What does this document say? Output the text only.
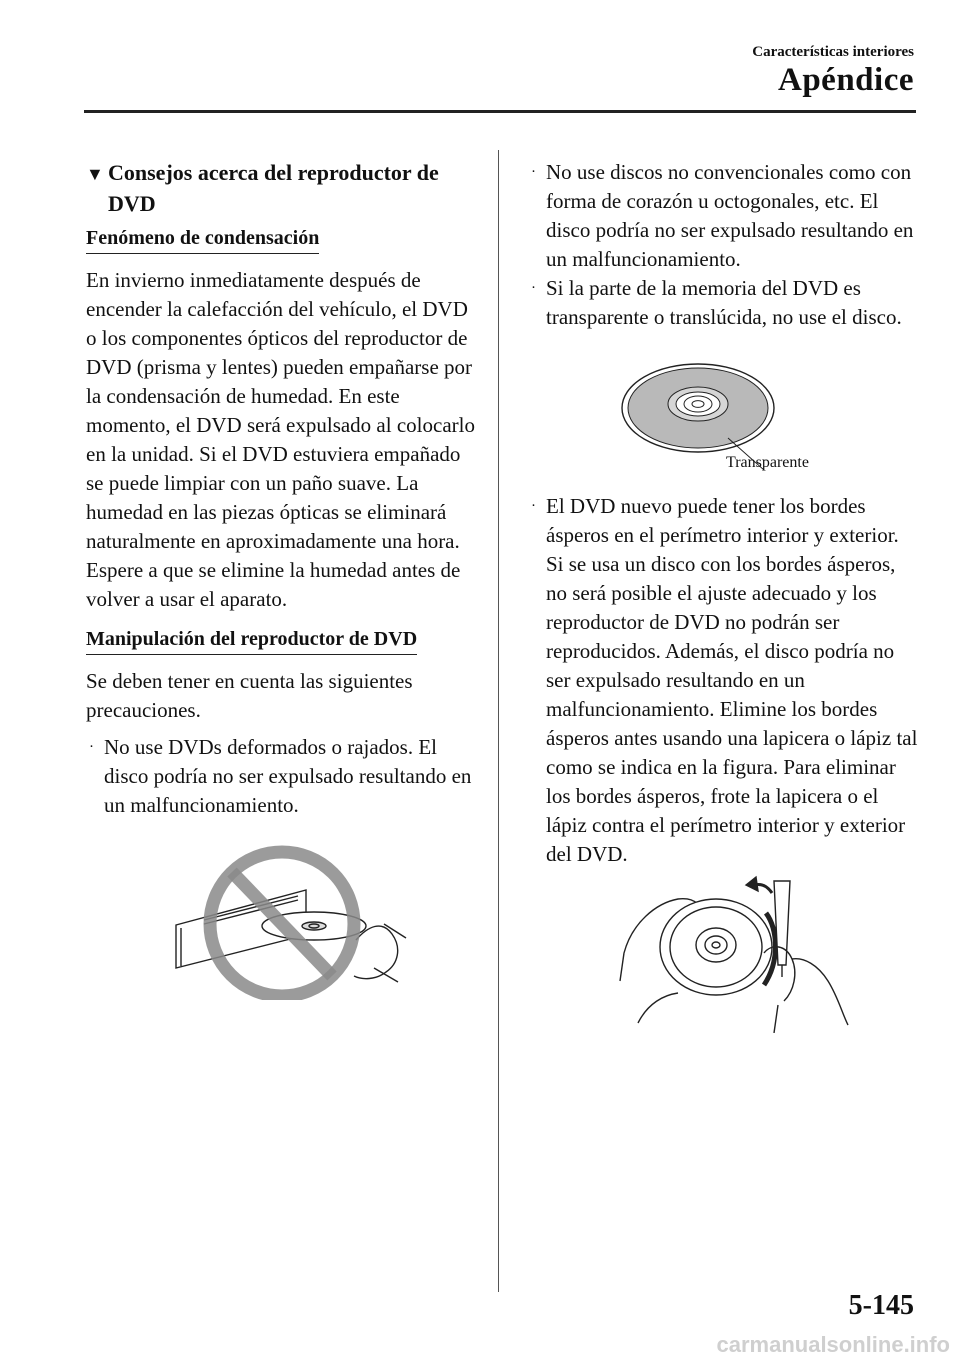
Características interiores
Apéndice
▼ Consejos acerca del reproductor de DVD
Fenómeno de condensación

En invierno inmediatamente después de encender la calefacción del vehículo, el DVD o los componentes ópticos del reproductor de DVD (prisma y lentes) pueden empañarse por la condensación de humedad. En este momento, el DVD será expulsado al colocarlo en la unidad. Si el DVD estuviera empañado se puede limpiar con un paño suave. La humedad en las piezas ópticas se eliminará naturalmente en aproximadamente una hora. Espere a que se elimine la humedad antes de volver a usar el aparato.

Manipulación del reproductor de DVD

Se deben tener en cuenta las siguientes precauciones.

· No use DVDs deformados o rajados. El disco podría no ser expulsado resultando en un malfuncionamiento.
· No use discos no convencionales como con forma de corazón u octogonales, etc. El disco podría no ser expulsado resultando en un malfuncionamiento.
· Si la parte de la memoria del DVD es transparente o translúcida, no use el disco.
Transparente
· El DVD nuevo puede tener los bordes ásperos en el perímetro interior y exterior. Si se usa un disco con los bordes ásperos, no será posible el ajuste adecuado y los reproductor de DVD no podrán ser reproducidos. Además, el disco podría no ser expulsado resultando en un malfuncionamiento. Elimine los bordes ásperos antes usando una lapicera o lápiz tal como se indica en la figura. Para eliminar los bordes ásperos, frote la lapicera o el lápiz contra el perímetro interior y exterior del DVD.
5-145
carmanualsonline.info
